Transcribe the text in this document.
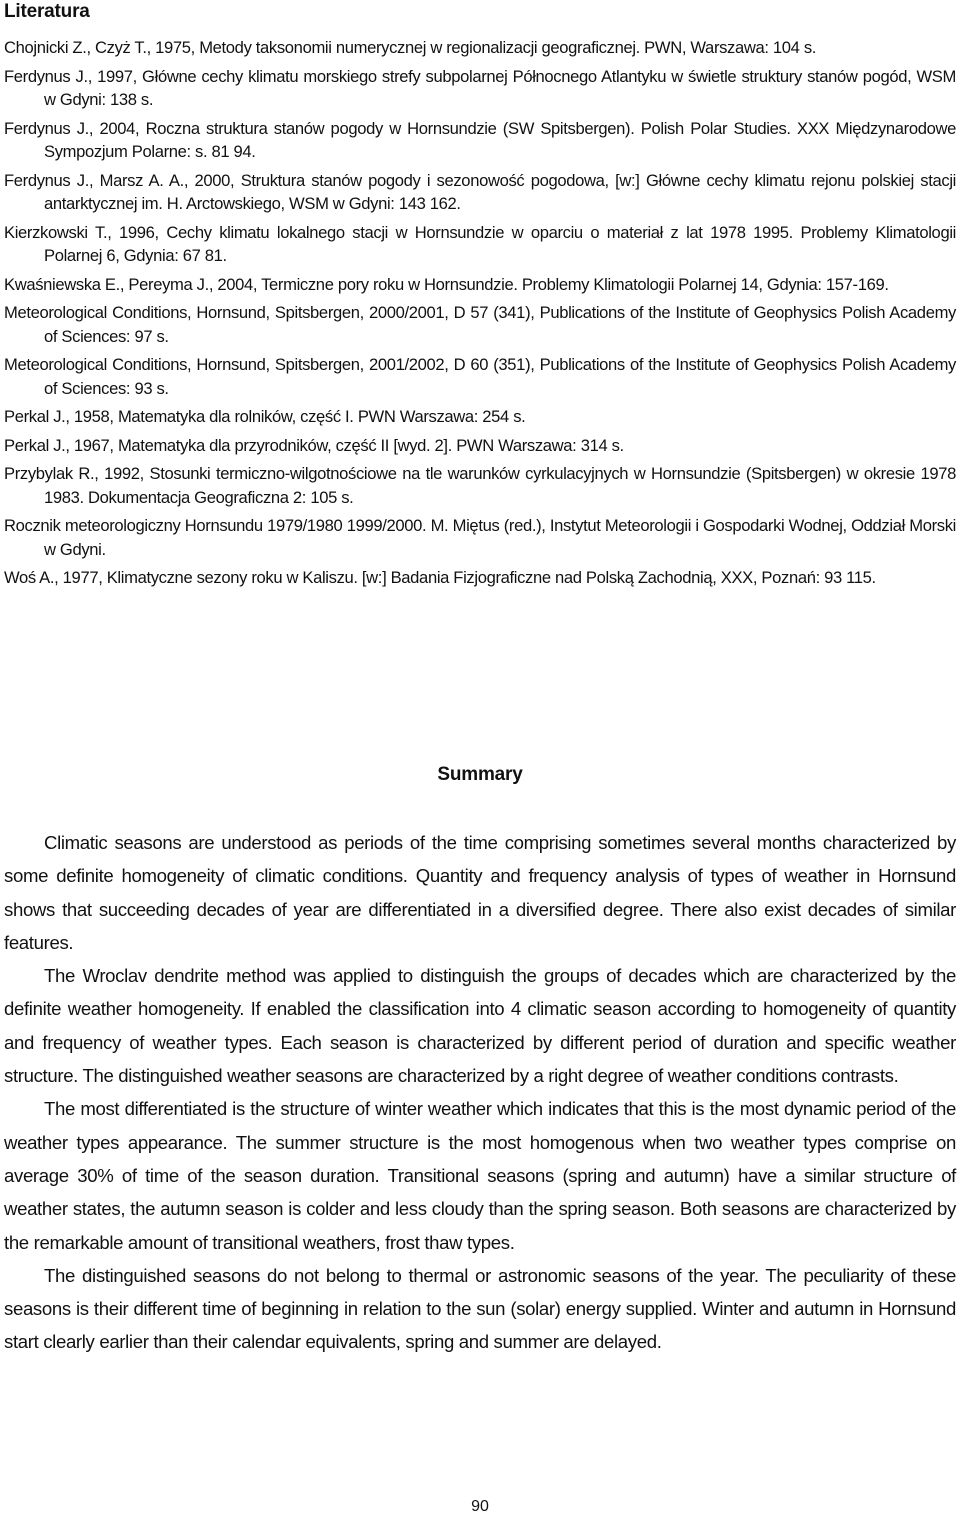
Literatura
Chojnicki Z., Czyż T., 1975, Metody taksonomii numerycznej w regionalizacji geograficznej. PWN, Warszawa: 104 s.
Ferdynus J., 1997, Główne cechy klimatu morskiego strefy subpolarnej Północnego Atlantyku w świetle struktury stanów pogód, WSM w Gdyni: 138 s.
Ferdynus J., 2004, Roczna struktura stanów pogody w Hornsundzie (SW Spitsbergen). Polish Polar Studies. XXX Międzynarodowe Sympozjum Polarne: s. 81 94.
Ferdynus J., Marsz A. A., 2000, Struktura stanów pogody i sezonowość pogodowa, [w:] Główne cechy klimatu rejonu polskiej stacji antarktycznej im. H. Arctowskiego, WSM w Gdyni: 143 162.
Kierzkowski T., 1996, Cechy klimatu lokalnego stacji w Hornsundzie w oparciu o materiał z lat 1978 1995. Problemy Klimatologii Polarnej 6, Gdynia: 67 81.
Kwaśniewska E., Pereyma J., 2004, Termiczne pory roku w Hornsundzie. Problemy Klimatologii Polarnej 14, Gdynia: 157-169.
Meteorological Conditions, Hornsund, Spitsbergen, 2000/2001, D 57 (341), Publications of the Institute of Geophysics Polish Academy of Sciences: 97 s.
Meteorological Conditions, Hornsund, Spitsbergen, 2001/2002, D 60 (351), Publications of the Institute of Geophysics Polish Academy of Sciences: 93 s.
Perkal J., 1958, Matematyka dla rolników, część I. PWN Warszawa: 254 s.
Perkal J., 1967, Matematyka dla przyrodników, część II [wyd. 2]. PWN Warszawa: 314 s.
Przybylak R., 1992, Stosunki termiczno-wilgotnościowe na tle warunków cyrkulacyjnych w Hornsundzie (Spitsbergen) w okresie 1978 1983. Dokumentacja Geograficzna 2: 105 s.
Rocznik meteorologiczny Hornsundu 1979/1980 1999/2000. M. Miętus (red.), Instytut Meteorologii i Gospodarki Wodnej, Oddział Morski w Gdyni.
Woś A., 1977, Klimatyczne sezony roku w Kaliszu. [w:] Badania Fizjograficzne nad Polską Zachodnią, XXX, Poznań: 93 115.
Summary

Climatic seasons are understood as periods of the time comprising sometimes several months characterized by some definite homogeneity of climatic conditions. Quantity and frequency analysis of types of weather in Hornsund shows that succeeding decades of year are differentiated in a diversified degree. There also exist decades of similar features.

The Wroclav dendrite method was applied to distinguish the groups of decades which are characterized by the definite weather homogeneity. If enabled the classification into 4 climatic season according to homogeneity of quantity and frequency of weather types. Each season is characterized by different period of duration and specific weather structure. The distinguished weather seasons are characterized by a right degree of weather conditions contrasts.

The most differentiated is the structure of winter weather which indicates that this is the most dynamic period of the weather types appearance. The summer structure is the most homogenous when two weather types comprise on average 30% of time of the season duration. Transitional seasons (spring and autumn) have a similar structure of weather states, the autumn season is colder and less cloudy than the spring season. Both seasons are characterized by the remarkable amount of transitional weathers, frost thaw types.

The distinguished seasons do not belong to thermal or astronomic seasons of the year. The peculiarity of these seasons is their different time of beginning in relation to the sun (solar) energy supplied. Winter and autumn in Hornsund start clearly earlier than their calendar equivalents, spring and summer are delayed.

90
